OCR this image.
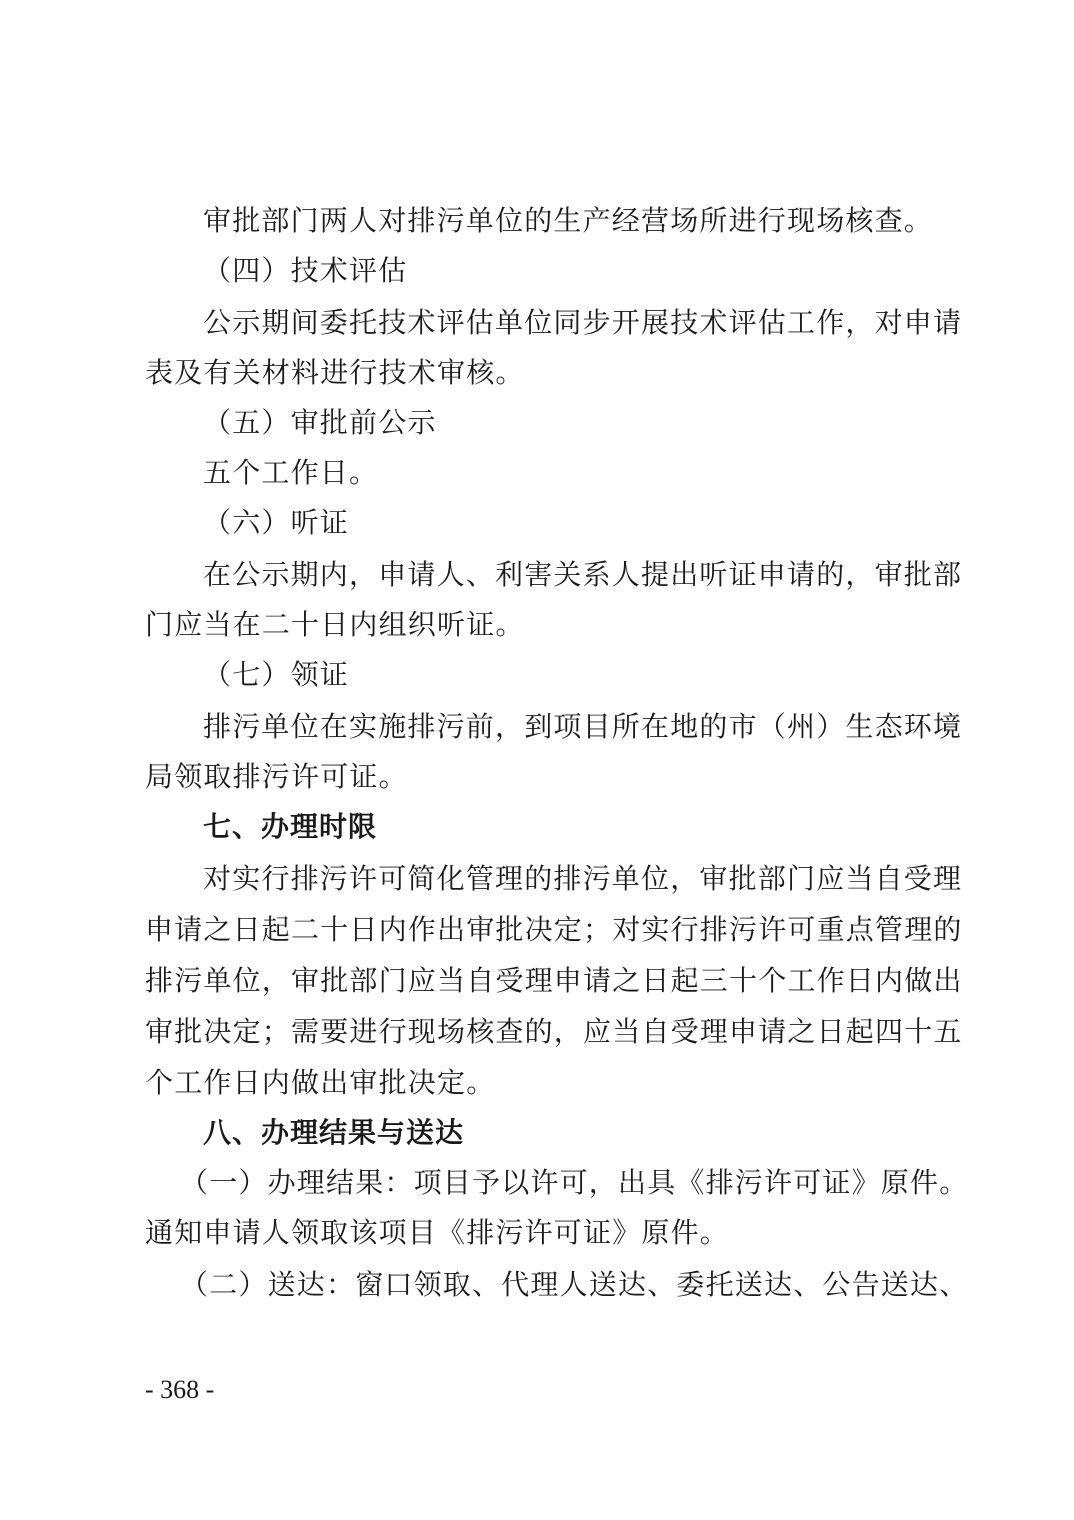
审批部门两人对排污单位的生产经营场所进行现场核查。
（四）技术评估
公示期间委托技术评估单位同步开展技术评估工作，对申请
表及有关材料进行技术审核。
（五）审批前公示
五个工作日。
（六）听证
在公示期内，申请人、利害关系人提出听证申请的，审批部
门应当在二十日内组织听证。
（七）领证
排污单位在实施排污前，到项目所在地的市（州）生态环境
局领取排污许可证。
七、办理时限
对实行排污许可简化管理的排污单位，审批部门应当自受理
申请之日起二十日内作出审批决定；对实行排污许可重点管理的
排污单位，审批部门应当自受理申请之日起三十个工作日内做出
审批决定；需要进行现场核查的，应当自受理申请之日起四十五
个工作日内做出审批决定。
八、办理结果与送达
（一）办理结果：项目予以许可，出具《排污许可证》原件。
通知申请人领取该项目《排污许可证》原件。
（二）送达：窗口领取、代理人送达、委托送达、公告送达、
- 368 -
